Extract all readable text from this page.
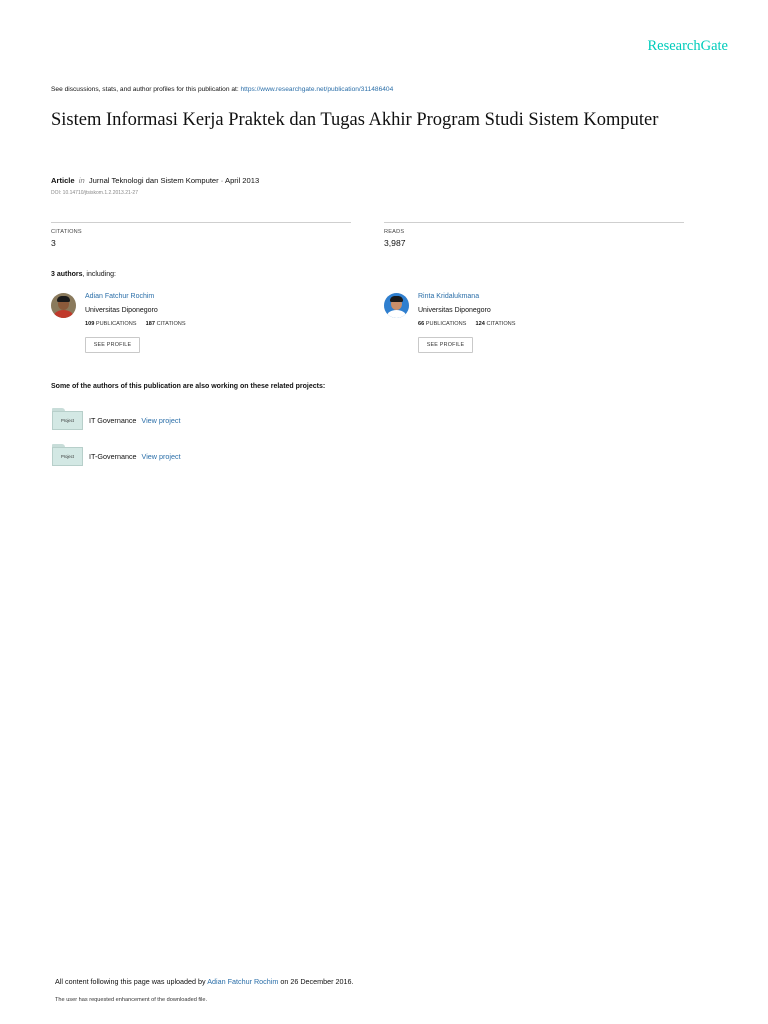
ResearchGate
See discussions, stats, and author profiles for this publication at: https://www.researchgate.net/publication/311486404
Sistem Informasi Kerja Praktek dan Tugas Akhir Program Studi Sistem Komputer
Article in Jurnal Teknologi dan Sistem Komputer · April 2013
DOI: 10.14710/jtsiskom.1.2.2013.21-27
CITATIONS
3
READS
3,987
3 authors, including:
Adian Fatchur Rochim
Universitas Diponegoro
109 PUBLICATIONS 187 CITATIONS
SEE PROFILE
Rinta Kridalukmana
Universitas Diponegoro
66 PUBLICATIONS 124 CITATIONS
SEE PROFILE
Some of the authors of this publication are also working on these related projects:
Project	IT Governance View project
Project	IT-Governance View project
All content following this page was uploaded by Adian Fatchur Rochim on 26 December 2016.
The user has requested enhancement of the downloaded file.
